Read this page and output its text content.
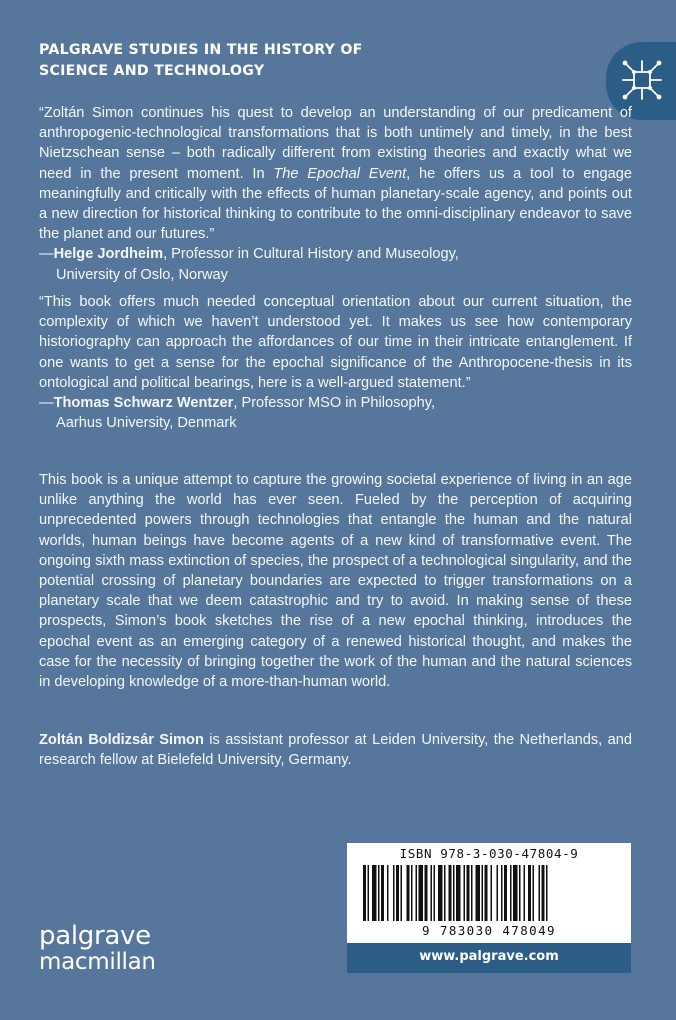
PALGRAVE STUDIES IN THE HISTORY OF
SCIENCE AND TECHNOLOGY

“Zoltán Simon continues his quest to develop an understanding of our predicament of anthropogenic-technological transformations that is both untimely and timely, in the best Nietzschean sense – both radically different from existing theories and exactly what we need in the present moment. In The Epochal Event, he offers us a tool to engage meaningfully and critically with the effects of human planetary-scale agency, and points out a new direction for historical thinking to contribute to the omni-disciplinary endeavor to save the planet and our futures.”

—Helge Jordheim, Professor in Cultural History and Museology,
University of Oslo, Norway

“This book offers much needed conceptual orientation about our current situation, the complexity of which we haven’t understood yet. It makes us see how contemporary historiography can approach the affordances of our time in their intricate entanglement. If one wants to get a sense for the epochal significance of the Anthropocene-thesis in its ontological and political bearings, here is a well-argued statement.”

—Thomas Schwarz Wentzer, Professor MSO in Philosophy,
Aarhus University, Denmark

This book is a unique attempt to capture the growing societal experience of living in an age unlike anything the world has ever seen. Fueled by the perception of acquiring unprecedented powers through technologies that entangle the human and the natural worlds, human beings have become agents of a new kind of transformative event. The ongoing sixth mass extinction of species, the prospect of a technological singularity, and the potential crossing of planetary boundaries are expected to trigger transformations on a planetary scale that we deem catastrophic and try to avoid. In making sense of these prospects, Simon’s book sketches the rise of a new epochal thinking, introduces the epochal event as an emerging category of a renewed historical thought, and makes the case for the necessity of bringing together the work of the human and the natural sciences in developing knowledge of a more-than-human world.

Zoltán Boldizsár Simon is assistant professor at Leiden University, the Netherlands, and research fellow at Bielefeld University, Germany.

ISBN 978-3-030-47804-9
9 783030 478049
www.palgrave.com
palgrave
macmillan
